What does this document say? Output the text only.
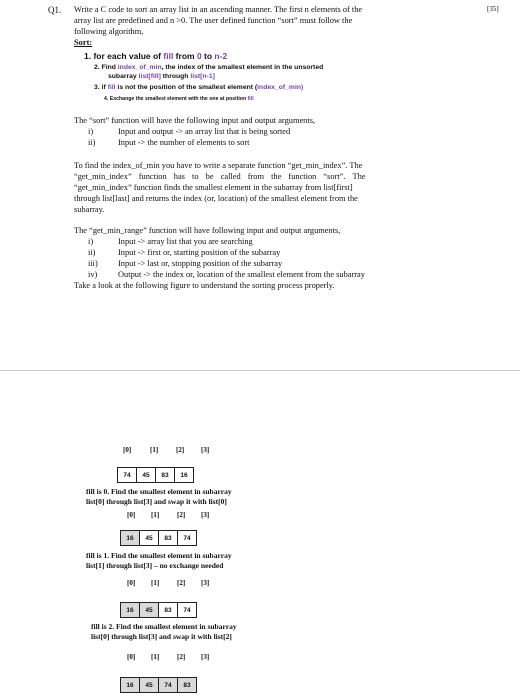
Q1.	[35]
Write a C code to sort an array list in an ascending manner. The first n elements of the
array list are predefined and n >0. The user defined function “sort” must follow the
following algorithm,
Sort:
1. for each value of fill from 0 to n-2
2. Find index_of_min, the index of the smallest element in the unsorted
subarray list[fill] through list[n-1]
3. if fill is not the position of the smallest element (index_of_min)
4. Exchange the smallest element with the one at position fill
The “sort” function will have the following input and output arguments,
i)	Input and output -> an array list that is being sorted
ii)	Input -> the number of elements to sort
To find the index_of_min you have to write a separate function “get_min_index”. The
“get_min_index” function has to be called from the function “sort”. The
“get_min_index” function finds the smallest element in the subarray from list[first]
through list[last] and returns the index (or, location) of the smallest element from the
subarray.
The “get_min_range” function will have following input and output arguments,
i)	Input -> array list that you are searching
ii)	Input -> first or, starting position of the subarray
iii) Input -> last or, stopping position of the subarray
iv) Output -> the index or, location of the smallest element from the subarray
Take a look at the following figure to understand the sorting process properly.
[0]	[1]	[2] [3]
74	45	83	16
fill is 0. Find the smallest element in subarray
list[0] through list[3] and swap it with list[0]
[0] [1]	[2] [3]
16	45	83	74
fill is 1. Find the smallest element in subarray
list[1] through list[3] – no exchange needed
[0] [1]	[2] [3]
16	45	83	74
fill is 2. Find the smallest element in subarray
list[0] through list[3] and swap it with list[2]
[0] [1]	[2] [3]
16	45	74	83
